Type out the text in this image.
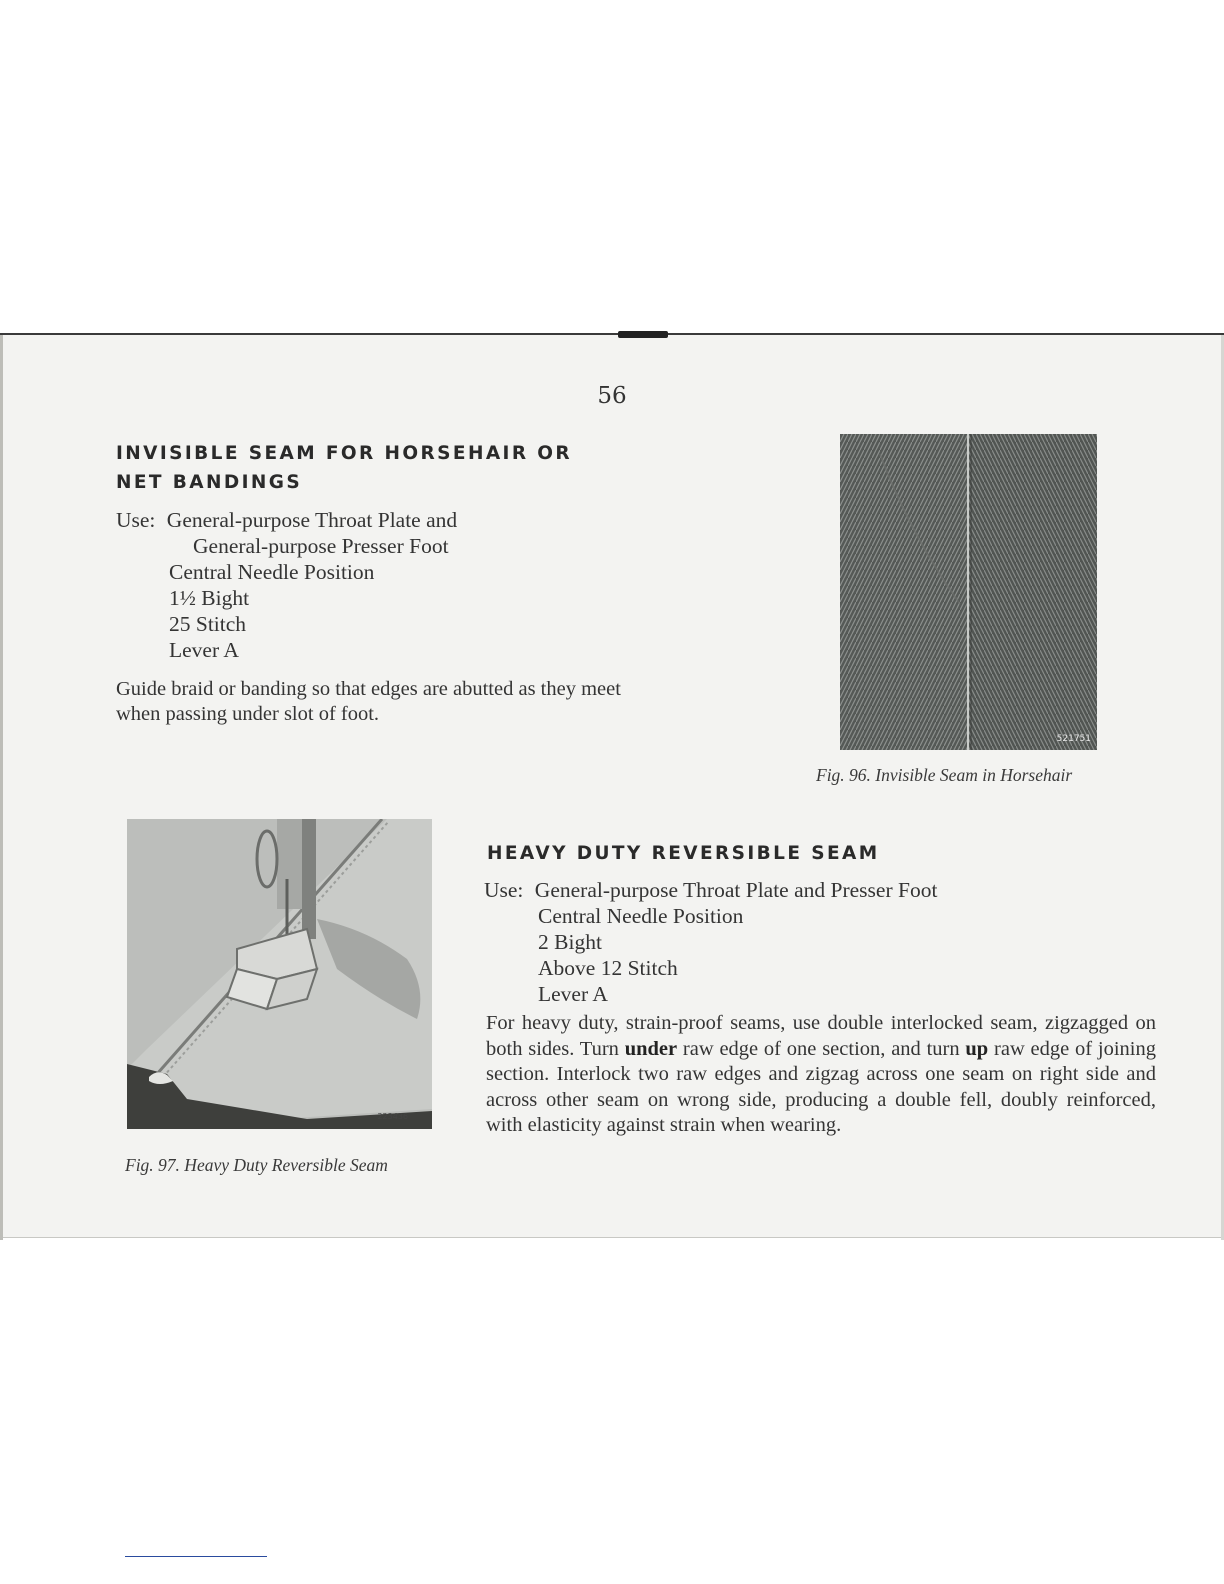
56
INVISIBLE SEAM FOR HORSEHAIR OR
NET BANDINGS
Use: General-purpose Throat Plate and
General-purpose Presser Foot
Central Needle Position
1½ Bight
25 Stitch
Lever A
Guide braid or banding so that edges are abutted as they meet
when passing under slot of foot.
521751
Fig. 96. Invisible Seam in Horsehair
223436
Fig. 97. Heavy Duty Reversible Seam
HEAVY DUTY REVERSIBLE SEAM
Use: General-purpose Throat Plate and Presser Foot
Central Needle Position
2 Bight
Above 12 Stitch
Lever A
For heavy duty, strain-proof seams, use double interlocked seam, zigzagged on both sides. Turn under raw edge of one section, and turn up raw edge of joining section. Interlock two raw edges and zigzag across one seam on right side and across other seam on wrong side, producing a double fell, doubly reinforced, with elasticity against strain when wearing.
